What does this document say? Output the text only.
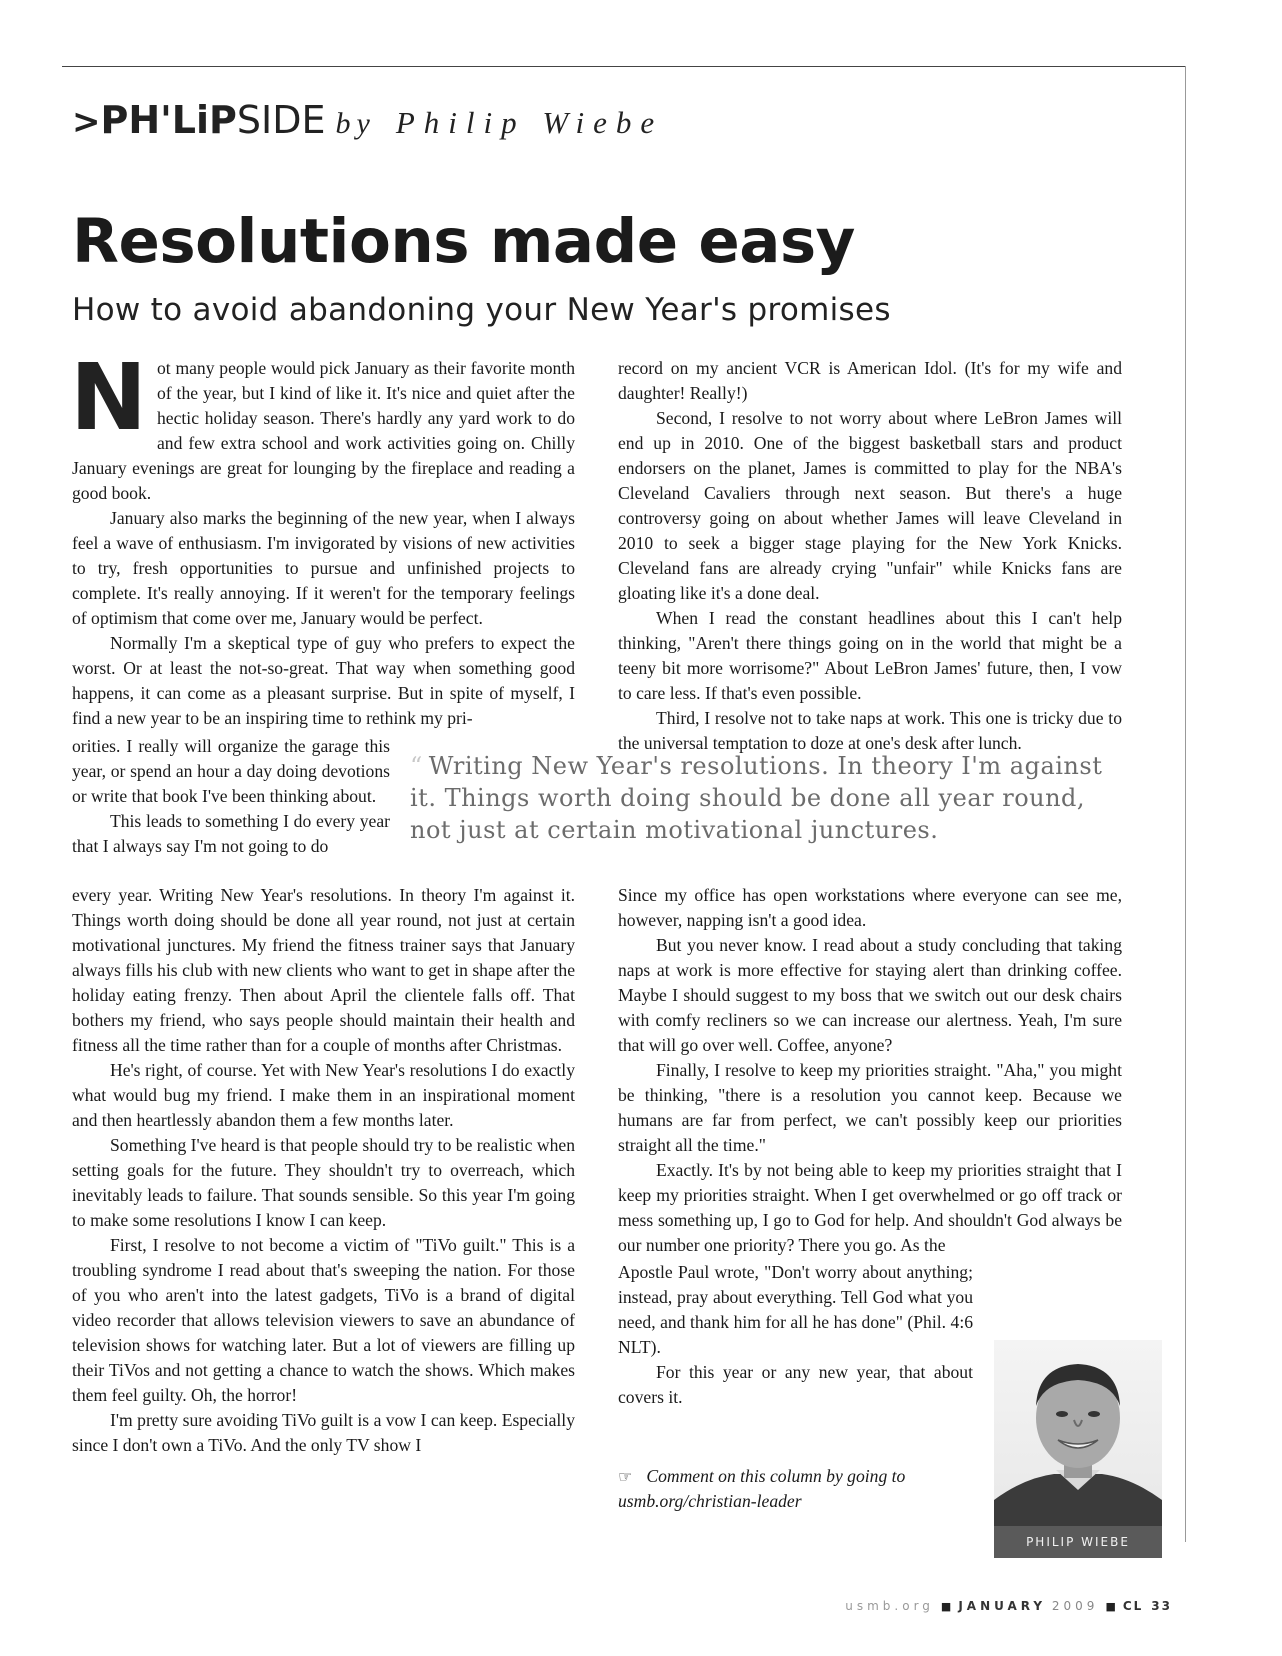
>PH'LiPSIDE by Philip Wiebe
Resolutions made easy
How to avoid abandoning your New Year's promises

Not many people would pick January as their favorite month of the year, but I kind of like it. It's nice and quiet after the hectic holiday season. There's hardly any yard work to do and few extra school and work activities going on. Chilly January evenings are great for lounging by the fireplace and reading a good book.

January also marks the beginning of the new year, when I always feel a wave of enthusiasm. I'm invigorated by visions of new activities to try, fresh opportunities to pursue and unfinished projects to complete. It's really annoying. If it weren't for the temporary feelings of optimism that come over me, January would be perfect.

Normally I'm a skeptical type of guy who prefers to expect the worst. Or at least the not-so-great. That way when something good happens, it can come as a pleasant surprise. But in spite of myself, I find a new year to be an inspiring time to rethink my pri-

orities. I really will organize the garage this year, or spend an hour a day doing devotions or write that book I've been thinking about.

This leads to something I do every year that I always say I'm not going to do

“ Writing New Year's resolutions. In theory I'm against it. Things worth doing should be done all year round, not just at certain motivational junctures.

every year. Writing New Year's resolutions. In theory I'm against it. Things worth doing should be done all year round, not just at certain motivational junctures. My friend the fitness trainer says that January always fills his club with new clients who want to get in shape after the holiday eating frenzy. Then about April the clientele falls off. That bothers my friend, who says people should maintain their health and fitness all the time rather than for a couple of months after Christmas.

He's right, of course. Yet with New Year's resolutions I do exactly what would bug my friend. I make them in an inspirational moment and then heartlessly abandon them a few months later.

Something I've heard is that people should try to be realistic when setting goals for the future. They shouldn't try to overreach, which inevitably leads to failure. That sounds sensible. So this year I'm going to make some resolutions I know I can keep.

First, I resolve to not become a victim of "TiVo guilt." This is a troubling syndrome I read about that's sweeping the nation. For those of you who aren't into the latest gadgets, TiVo is a brand of digital video recorder that allows television viewers to save an abundance of television shows for watching later. But a lot of viewers are filling up their TiVos and not getting a chance to watch the shows. Which makes them feel guilty. Oh, the horror!

I'm pretty sure avoiding TiVo guilt is a vow I can keep. Especially since I don't own a TiVo. And the only TV show I

record on my ancient VCR is American Idol. (It's for my wife and daughter! Really!)

Second, I resolve to not worry about where LeBron James will end up in 2010. One of the biggest basketball stars and product endorsers on the planet, James is committed to play for the NBA's Cleveland Cavaliers through next season. But there's a huge controversy going on about whether James will leave Cleveland in 2010 to seek a bigger stage playing for the New York Knicks. Cleveland fans are already crying "unfair" while Knicks fans are gloating like it's a done deal.

When I read the constant headlines about this I can't help thinking, "Aren't there things going on in the world that might be a teeny bit more worrisome?" About LeBron James' future, then, I vow to care less. If that's even possible.

Third, I resolve not to take naps at work. This one is tricky due to the universal temptation to doze at one's desk after lunch.

Since my office has open workstations where everyone can see me, however, napping isn't a good idea.

But you never know. I read about a study concluding that taking naps at work is more effective for staying alert than drinking coffee. Maybe I should suggest to my boss that we switch out our desk chairs with comfy recliners so we can increase our alertness. Yeah, I'm sure that will go over well. Coffee, anyone?

Finally, I resolve to keep my priorities straight. "Aha," you might be thinking, "there is a resolution you cannot keep. Because we humans are far from perfect, we can't possibly keep our priorities straight all the time."

Exactly. It's by not being able to keep my priorities straight that I keep my priorities straight. When I get overwhelmed or go off track or mess something up, I go to God for help. And shouldn't God always be our number one priority? There you go. As the

Apostle Paul wrote, "Don't worry about anything; instead, pray about everything. Tell God what you need, and thank him for all he has done" (Phil. 4:6 NLT).

For this year or any new year, that about covers it.

☞ Comment on this column by going to usmb.org/christian-leader
PHILIP WIEBE
usmb.org ■ JANUARY 2009 ■ CL 33
